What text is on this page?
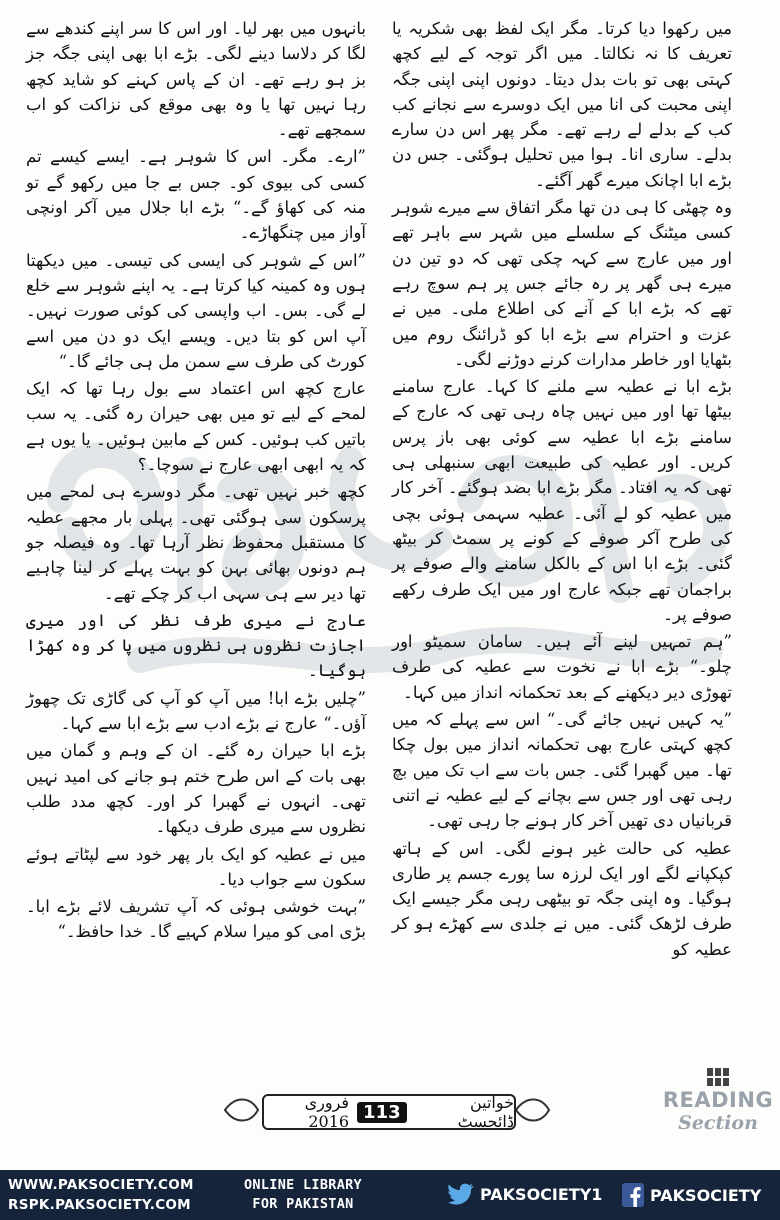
میں رکھوا دیا کرتا۔ مگر ایک لفظ بھی شکریہ یا تعریف کا نہ نکالتا۔ میں اگر توجہ کے لیے کچھ کہتی بھی تو بات بدل دیتا۔ دونوں اپنی اپنی جگہ اپنی محبت کی انا میں ایک دوسرے سے نجانے کب کب کے بدلے لے رہے تھے۔ مگر پھر اس دن سارے بدلے۔ ساری انا۔ ہوا میں تحلیل ہوگئی۔ جس دن بڑے ابا اچانک میرے گھر آگئے۔

وہ چھٹی کا ہی دن تھا مگر اتفاق سے میرے شوہر کسی میٹنگ کے سلسلے میں شہر سے باہر تھے اور میں عارج سے کہہ چکی تھی کہ دو تین دن میرے ہی گھر پر رہ جائے جس پر ہم سوچ رہے تھے کہ بڑے ابا کے آنے کی اطلاع ملی۔ میں نے عزت و احترام سے بڑے ابا کو ڈرائنگ روم میں بٹھایا اور خاطر مدارات کرنے دوڑنے لگی۔

بڑے ابا نے عطیہ سے ملنے کا کہا۔ عارج سامنے بیٹھا تھا اور میں نہیں چاہ رہی تھی کہ عارج کے سامنے بڑے ابا عطیہ سے کوئی بھی باز پرس کریں۔ اور عطیہ کی طبیعت ابھی سنبھلی ہی تھی کہ یہ افتاد۔ مگر بڑے ابا بضد ہوگئے۔ آخر کار میں عطیہ کو لے آئی۔ عطیہ سہمی ہوئی بچی کی طرح آکر صوفے کے کونے پر سمٹ کر بیٹھ گئی۔ بڑے ابا اس کے بالکل سامنے والے صوفے پر براجمان تھے جبکہ عارج اور میں ایک طرف رکھے صوفے پر۔

”ہم تمہیں لینے آئے ہیں۔ سامان سمیٹو اور چلو۔“ بڑے ابا نے نخوت سے عطیہ کی طرف تھوڑی دیر دیکھنے کے بعد تحکمانہ انداز میں کہا۔

”یہ کہیں نہیں جائے گی۔“ اس سے پہلے کہ میں کچھ کہتی عارج بھی تحکمانہ انداز میں بول چکا تھا۔ میں گھبرا گئی۔ جس بات سے اب تک میں بچ رہی تھی اور جس سے بچانے کے لیے عطیہ نے اتنی قربانیاں دی تھیں آخر کار ہونے جا رہی تھی۔

عطیہ کی حالت غیر ہونے لگی۔ اس کے ہاتھ کپکپانے لگے اور ایک لرزہ سا پورے جسم پر طاری ہوگیا۔ وہ اپنی جگہ تو بیٹھی رہی مگر جیسے ایک طرف لڑھک گئی۔ میں نے جلدی سے کھڑے ہو کر عطیہ کو

بانہوں میں بھر لیا۔ اور اس کا سر اپنے کندھے سے لگا کر دلاسا دینے لگی۔ بڑے ابا بھی اپنی جگہ جز بز ہو رہے تھے۔ ان کے پاس کہنے کو شاید کچھ رہا نہیں تھا یا وہ بھی موقع کی نزاکت کو اب سمجھے تھے۔

”ارے۔ مگر۔ اس کا شوہر ہے۔ ایسے کیسے تم کسی کی بیوی کو۔ جس بے جا میں رکھو گے تو منہ کی کھاؤ گے۔“ بڑے ابا جلال میں آکر اونچی آواز میں چنگھاڑے۔

”اس کے شوہر کی ایسی کی تیسی۔ میں دیکھتا ہوں وہ کمینہ کیا کرتا ہے۔ یہ اپنے شوہر سے خلع لے گی۔ بس۔ اب واپسی کی کوئی صورت نہیں۔ آپ اس کو بتا دیں۔ ویسے ایک دو دن میں اسے کورٹ کی طرف سے سمن مل ہی جائے گا۔“

عارج کچھ اس اعتماد سے بول رہا تھا کہ ایک لمحے کے لیے تو میں بھی حیران رہ گئی۔ یہ سب باتیں کب ہوئیں۔ کس کے مابین ہوئیں۔ یا یوں ہے کہ یہ ابھی ابھی عارج نے سوچا۔؟

کچھ خبر نہیں تھی۔ مگر دوسرے ہی لمحے میں پرسکون سی ہوگئی تھی۔ پہلی بار مجھے عطیہ کا مستقبل محفوظ نظر آرہا تھا۔ وہ فیصلہ جو ہم دونوں بھائی بہن کو بہت پہلے کر لینا چاہیے تھا دیر سے ہی سہی اب کر چکے تھے۔

عارج نے میری طرف نظر کی اور میری اجازت نظروں ہی نظروں میں پا کر وہ کھڑا ہوگیا۔

”چلیں بڑے ابا! میں آپ کو آپ کی گاڑی تک چھوڑ آؤں۔“ عارج نے بڑے ادب سے بڑے ابا سے کہا۔

بڑے ابا حیران رہ گئے۔ ان کے وہم و گمان میں بھی بات کے اس طرح ختم ہو جانے کی امید نہیں تھی۔ انہوں نے گھبرا کر اور۔ کچھ مدد طلب نظروں سے میری طرف دیکھا۔

میں نے عطیہ کو ایک بار پھر خود سے لپٹاتے ہوئے سکون سے جواب دیا۔

”بہت خوشی ہوئی کہ آپ تشریف لائے بڑے ابا۔ بڑی امی کو میرا سلام کہیے گا۔ خدا حافظ۔“

خواتین ڈائجسٹ
113
فروری 2016
READING
Section
WWW.PAKSOCIETY.COM
RSPK.PAKSOCIETY.COM
ONLINE LIBRARY
FOR PAKISTAN
PAKSOCIETY1	PAKSOCIETY
